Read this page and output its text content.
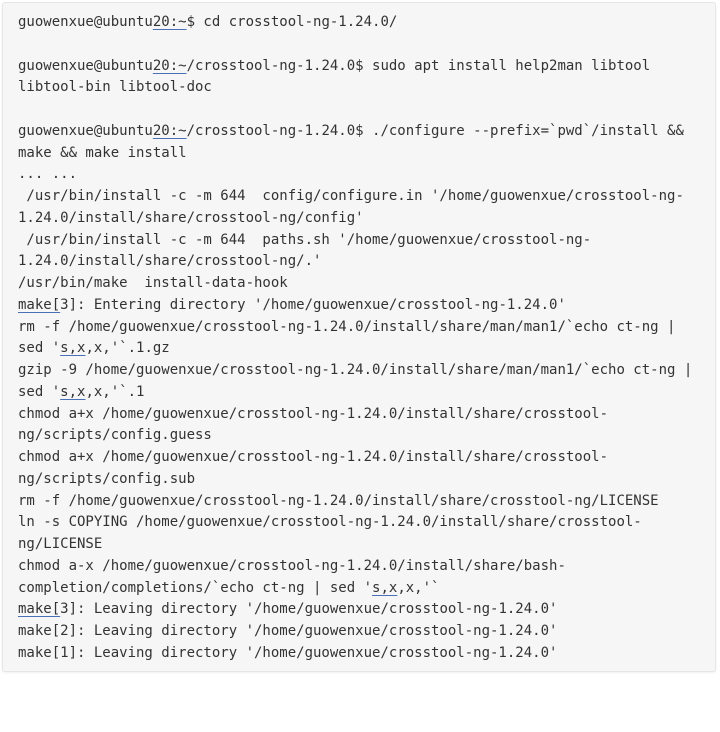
guowenxue@ubuntu20:~$ cd crosstool-ng-1.24.0/
guowenxue@ubuntu20:~/crosstool-ng-1.24.0$ sudo apt install help2man libtool
libtool-bin libtool-doc
guowenxue@ubuntu20:~/crosstool-ng-1.24.0$ ./configure --prefix=`pwd`/install &&
make && make install
... ...
/usr/bin/install -c -m 644  config/configure.in '/home/guowenxue/crosstool-ng-
1.24.0/install/share/crosstool-ng/config'
/usr/bin/install -c -m 644  paths.sh '/home/guowenxue/crosstool-ng-
1.24.0/install/share/crosstool-ng/.'
/usr/bin/make  install-data-hook
make[3]: Entering directory '/home/guowenxue/crosstool-ng-1.24.0'
rm -f /home/guowenxue/crosstool-ng-1.24.0/install/share/man/man1/`echo ct-ng |
sed 's,x,x,'`.1.gz
gzip -9 /home/guowenxue/crosstool-ng-1.24.0/install/share/man/man1/`echo ct-ng |
sed 's,x,x,'`.1
chmod a+x /home/guowenxue/crosstool-ng-1.24.0/install/share/crosstool-
ng/scripts/config.guess
chmod a+x /home/guowenxue/crosstool-ng-1.24.0/install/share/crosstool-
ng/scripts/config.sub
rm -f /home/guowenxue/crosstool-ng-1.24.0/install/share/crosstool-ng/LICENSE
ln -s COPYING /home/guowenxue/crosstool-ng-1.24.0/install/share/crosstool-
ng/LICENSE
chmod a-x /home/guowenxue/crosstool-ng-1.24.0/install/share/bash-
completion/completions/`echo ct-ng | sed 's,x,x,'`
make[3]: Leaving directory '/home/guowenxue/crosstool-ng-1.24.0'
make[2]: Leaving directory '/home/guowenxue/crosstool-ng-1.24.0'
make[1]: Leaving directory '/home/guowenxue/crosstool-ng-1.24.0'
